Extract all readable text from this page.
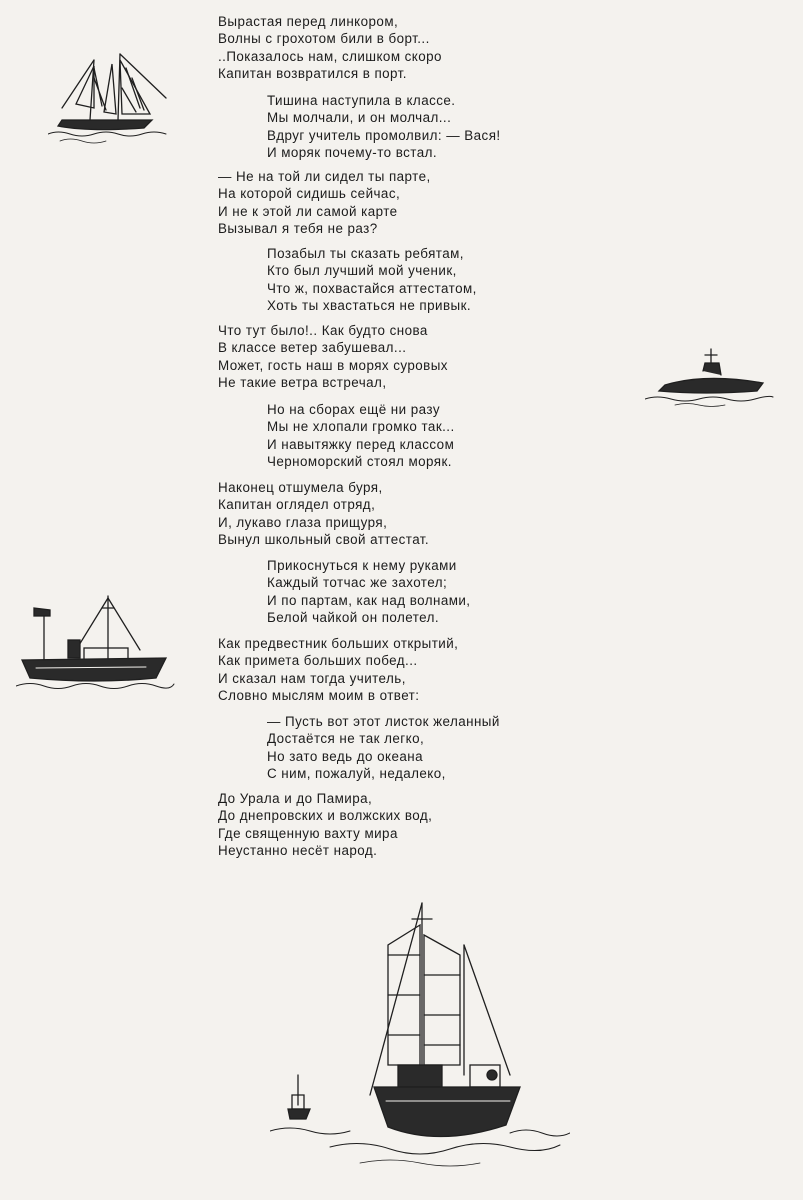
Вырастая перед линкором,
Волны с грохотом били в борт...
..Показалось нам, слишком скоро
Капитан возвратился в порт.
Тишина наступила в классе.
Мы молчали, и он молчал...
Вдруг учитель промолвил: — Вася!
И моряк почему-то встал.
— Не на той ли сидел ты парте,
На которой сидишь сейчас,
И не к этой ли самой карте
Вызывал я тебя не раз?
Позабыл ты сказать ребятам,
Кто был лучший мой ученик,
Что ж, похвастайся аттестатом,
Хоть ты хвастаться не привык.
Что тут было!.. Как будто снова
В классе ветер забушевал...
Может, гость наш в морях суровых
Не такие ветра встречал,
Но на сборах ещё ни разу
Мы не хлопали громко так...
И навытяжку перед классом
Черноморский стоял моряк.
Наконец отшумела буря,
Капитан оглядел отряд,
И, лукаво глаза прищуря,
Вынул школьный свой аттестат.
Прикоснуться к нему руками
Каждый тотчас же захотел;
И по партам, как над волнами,
Белой чайкой он полетел.
Как предвестник больших открытий,
Как примета больших побед...
И сказал нам тогда учитель,
Словно мыслям моим в ответ:
— Пусть вот этот листок желанный
Достаётся не так легко,
Но зато ведь до океана
С ним, пожалуй, недалеко,
До Урала и до Памира,
До днепровских и волжских вод,
Где священную вахту мира
Неустанно несёт народ.
